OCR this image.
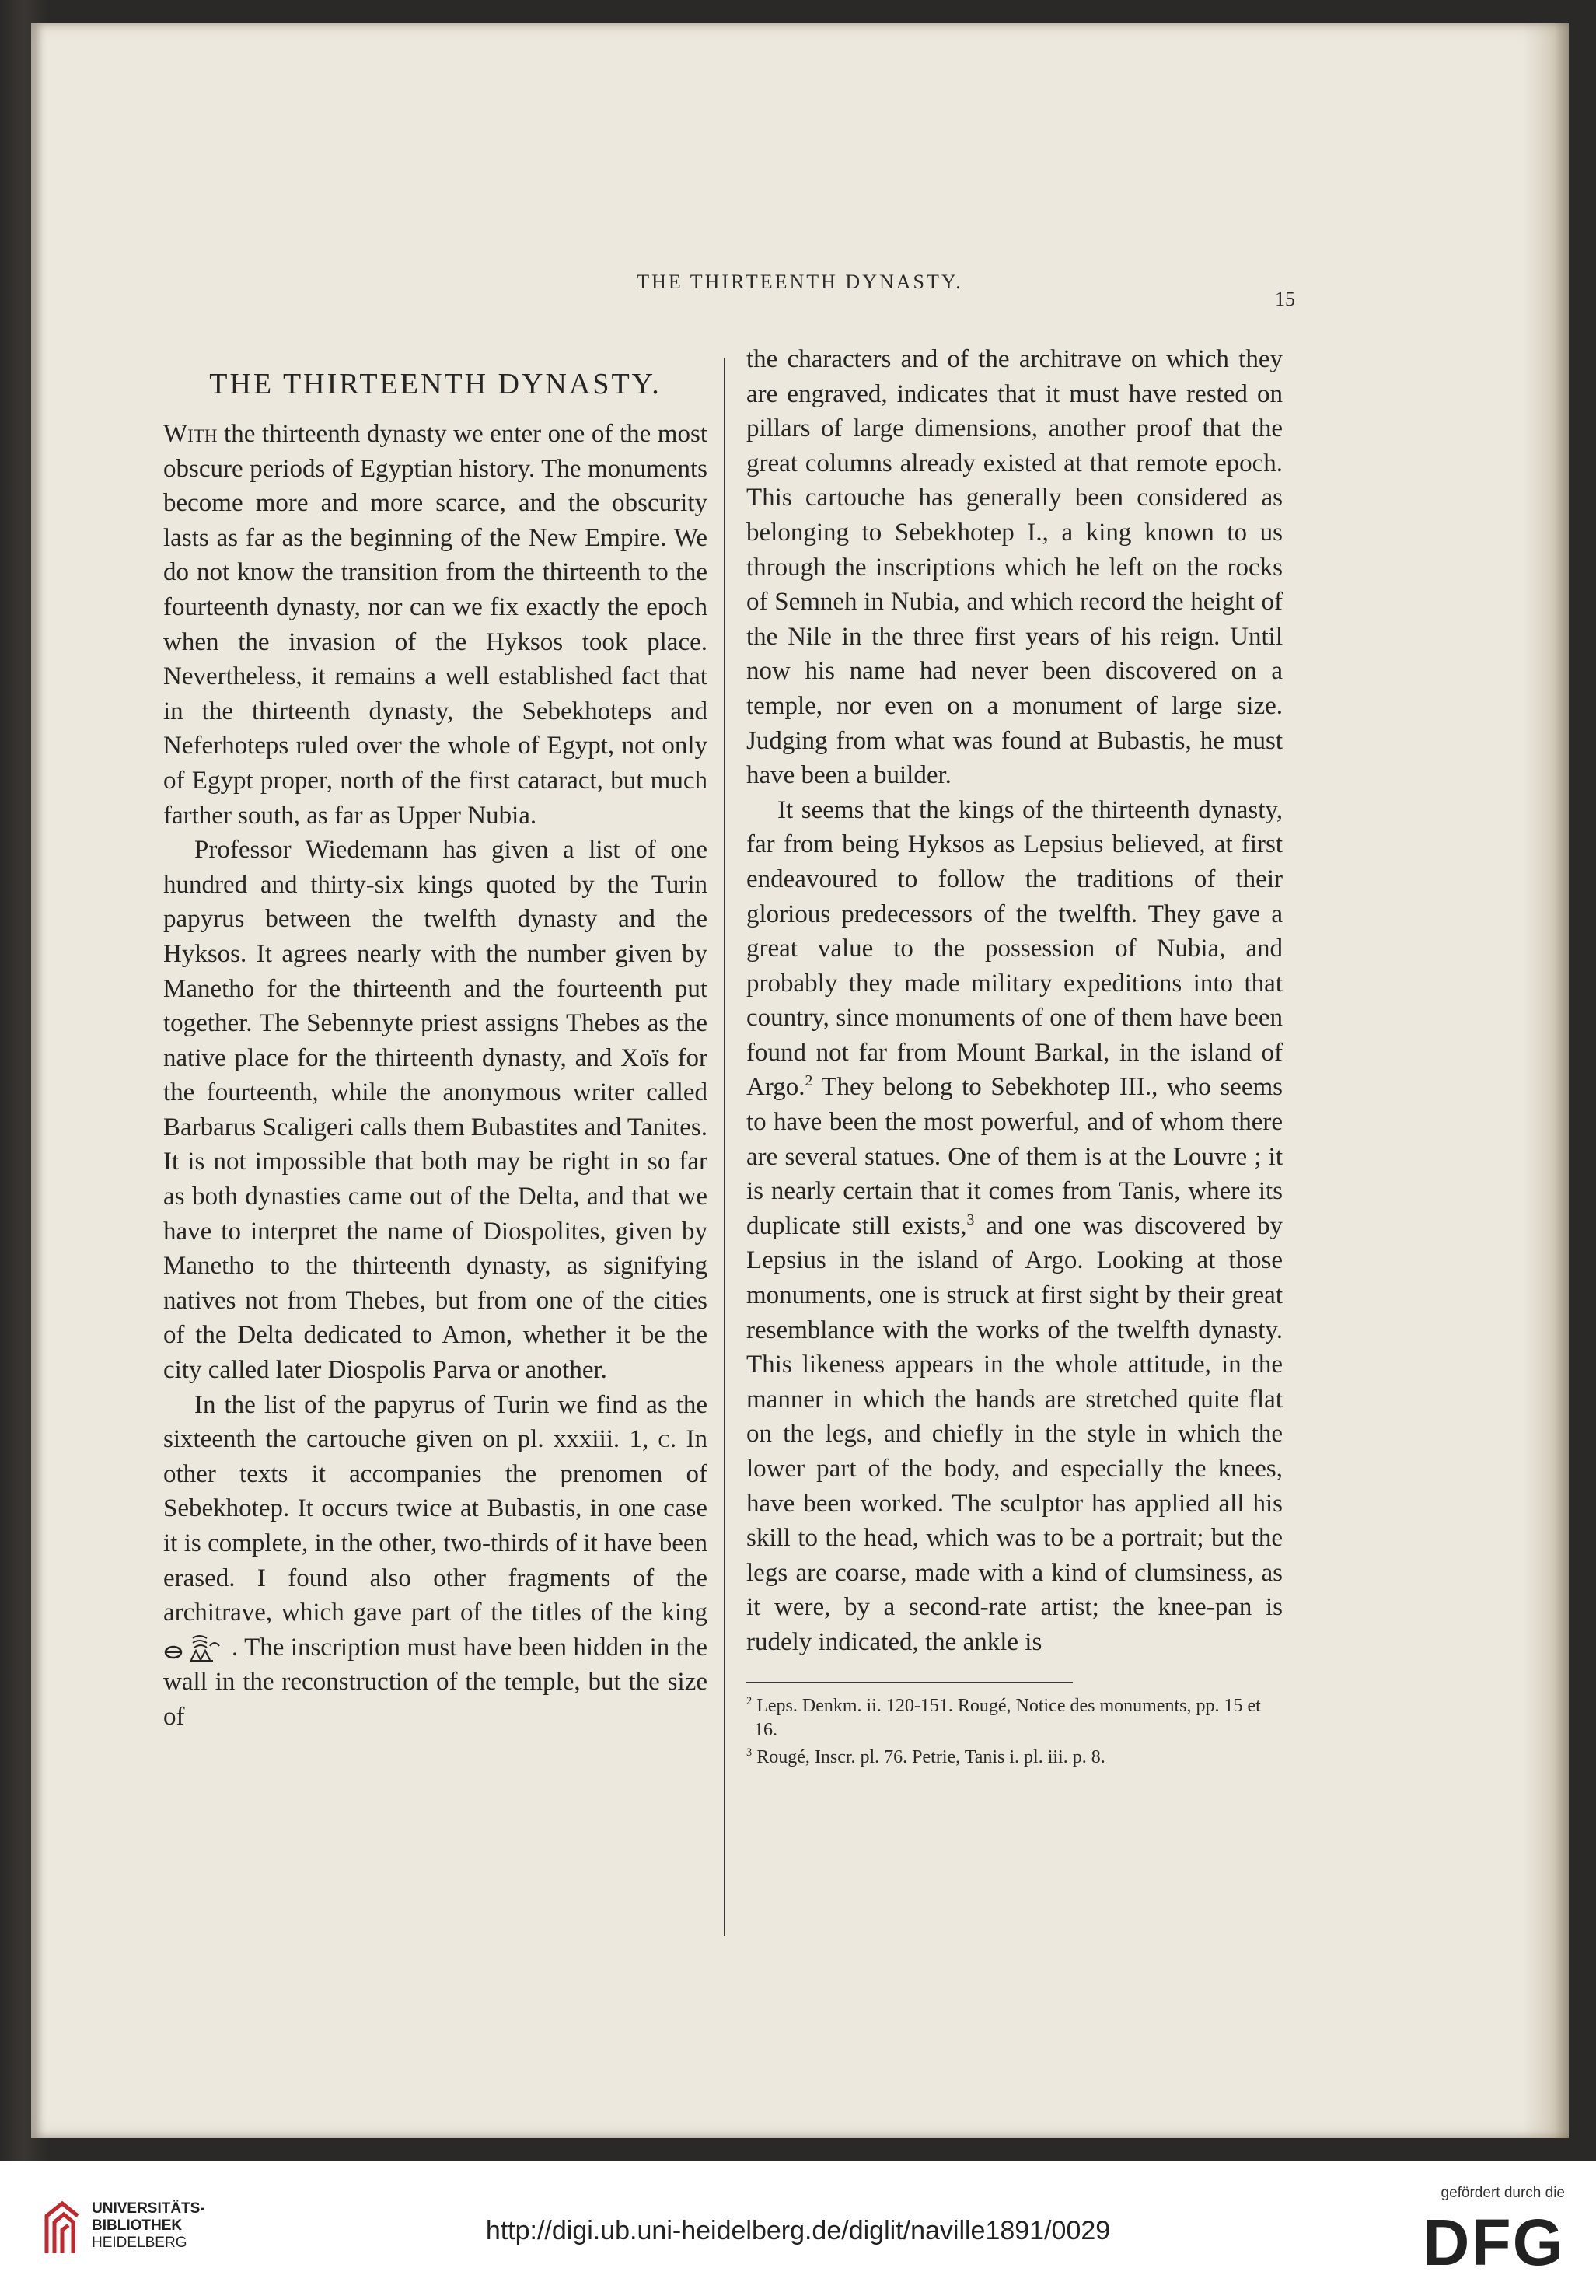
THE THIRTEENTH DYNASTY.
15
THE THIRTEENTH DYNASTY.

With the thirteenth dynasty we enter one of the most obscure periods of Egyptian history. The monuments become more and more scarce, and the obscurity lasts as far as the beginning of the New Empire. We do not know the transition from the thirteenth to the fourteenth dynasty, nor can we fix exactly the epoch when the invasion of the Hyksos took place. Nevertheless, it remains a well established fact that in the thirteenth dynasty, the Sebekhoteps and Neferhoteps ruled over the whole of Egypt, not only of Egypt proper, north of the first cataract, but much farther south, as far as Upper Nubia.

Professor Wiedemann has given a list of one hundred and thirty-six kings quoted by the Turin papyrus between the twelfth dynasty and the Hyksos. It agrees nearly with the number given by Manetho for the thirteenth and the fourteenth put together. The Sebennyte priest assigns Thebes as the native place for the thirteenth dynasty, and Xoïs for the fourteenth, while the anonymous writer called Barbarus Scaligeri calls them Bubastites and Tanites. It is not impossible that both may be right in so far as both dynasties came out of the Delta, and that we have to interpret the name of Diospolites, given by Manetho to the thirteenth dynasty, as signifying natives not from Thebes, but from one of the cities of the Delta dedicated to Amon, whether it be the city called later Diospolis Parva or another.

In the list of the papyrus of Turin we find as the sixteenth the cartouche given on pl. xxxiii. 1, c. In other texts it accompanies the prenomen of Sebekhotep. It occurs twice at Bubastis, in one case it is complete, in the other, two-thirds of it have been erased. I found also other fragments of the architrave, which gave part of the titles of the king . The inscription must have been hidden in the wall in the reconstruction of the temple, but the size of

the characters and of the architrave on which they are engraved, indicates that it must have rested on pillars of large dimensions, another proof that the great columns already existed at that remote epoch. This cartouche has generally been considered as belonging to Sebekhotep I., a king known to us through the inscriptions which he left on the rocks of Semneh in Nubia, and which record the height of the Nile in the three first years of his reign. Until now his name had never been discovered on a temple, nor even on a monument of large size. Judging from what was found at Bubastis, he must have been a builder.

It seems that the kings of the thirteenth dynasty, far from being Hyksos as Lepsius believed, at first endeavoured to follow the traditions of their glorious predecessors of the twelfth. They gave a great value to the possession of Nubia, and probably they made military expeditions into that country, since monuments of one of them have been found not far from Mount Barkal, in the island of Argo.$^2$ They belong to Sebekhotep III., who seems to have been the most powerful, and of whom there are several statues. One of them is at the Louvre ; it is nearly certain that it comes from Tanis, where its duplicate still exists,$^3$ and one was discovered by Lepsius in the island of Argo. Looking at those monuments, one is struck at first sight by their great resemblance with the works of the twelfth dynasty. This likeness appears in the whole attitude, in the manner in which the hands are stretched quite flat on the legs, and chiefly in the style in which the lower part of the body, and especially the knees, have been worked. The sculptor has applied all his skill to the head, which was to be a portrait; but the legs are coarse, made with a kind of clumsiness, as it were, by a second-rate artist; the knee-pan is rudely indicated, the ankle is

$^2$ Leps. Denkm. ii. 120-151. Rougé, Notice des monuments, pp. 15 et 16.

$^3$ Rougé, Inscr. pl. 76. Petrie, Tanis i. pl. iii. p. 8.

UNIVERSITÄTS-
BIBLIOTHEK
HEIDELBERG	http://digi.ub.uni-heidelberg.de/diglit/naville1891/0029
gefördert durch die
DFG
